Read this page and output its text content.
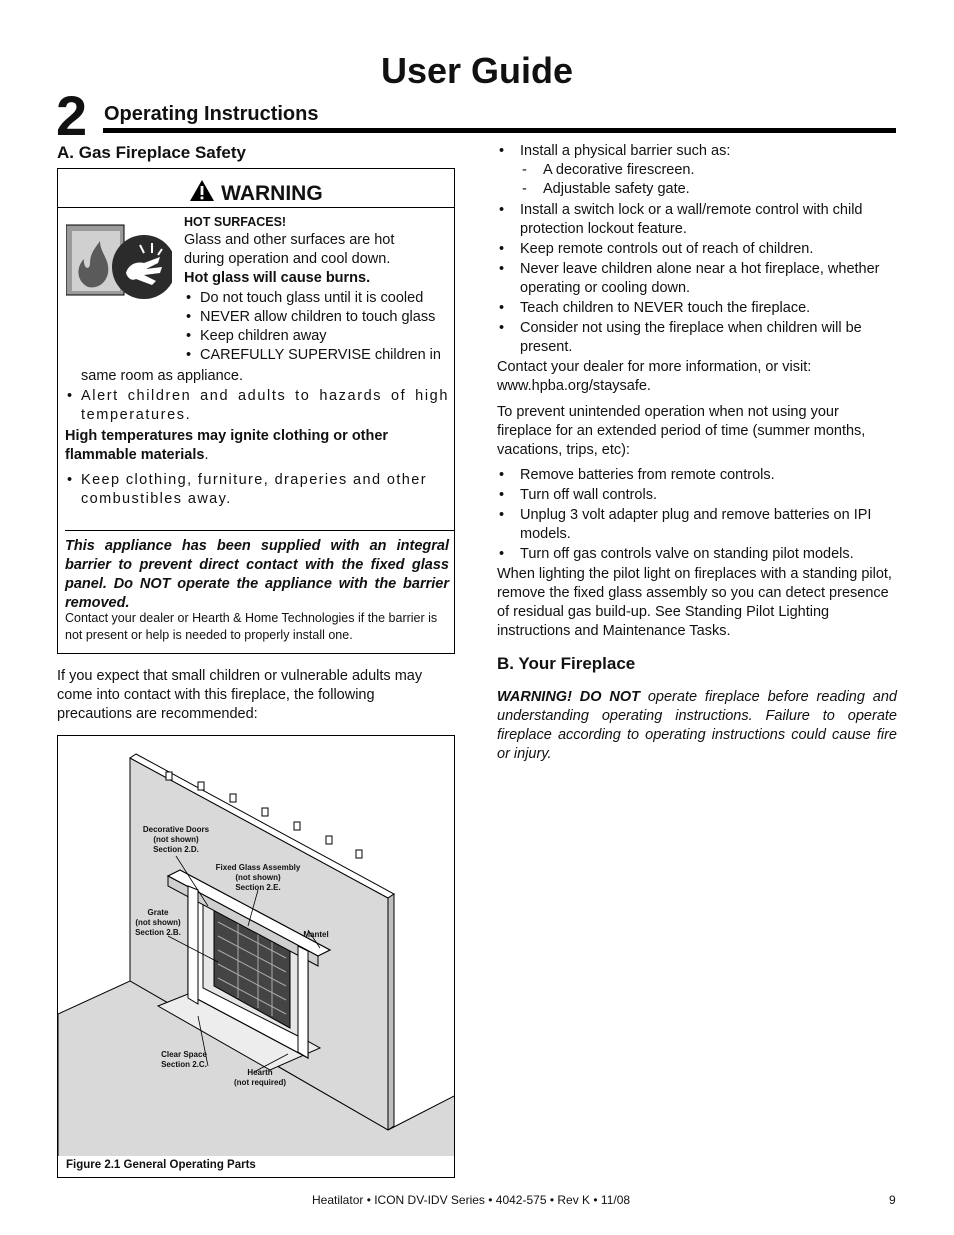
User Guide
2 Operating Instructions
A. Gas Fireplace Safety
WARNING
HOT SURFACES!
Glass and other surfaces are hot
during operation and cool down.
Hot glass will cause burns.
• Do not touch glass until it is cooled
• NEVER allow children to touch glass
• Keep children away
• CAREFULLY SUPERVISE children in
same room as appliance.
• Alert children and adults to hazards of high temperatures.
High temperatures may ignite clothing or other flammable materials.
• Keep clothing, furniture, draperies and other combustibles away.
This appliance has been supplied with an integral barrier to prevent direct contact with the fixed glass panel. Do NOT operate the appliance with the barrier removed.
Contact your dealer or Hearth & Home Technologies if the barrier is not present or help is needed to properly install one.
If you expect that small children or vulnerable adults may come into contact with this fireplace, the following precautions are recommended:
Decorative Doors
(not shown)
Section 2.D.
Fixed Glass Assembly
(not shown)
Section 2.E.
Grate
(not shown)
Section 2.B.	Mantel
Clear Space
Section 2.C.
Hearth
(not required)
Figure 2.1 General Operating Parts
• Install a physical barrier such as:
- A decorative firescreen.
- Adjustable safety gate.
• Install a switch lock or a wall/remote control with child protection lockout feature.
• Keep remote controls out of reach of children.
• Never leave children alone near a hot fireplace, whether operating or cooling down.
• Teach children to NEVER touch the fireplace.
• Consider not using the fireplace when children will be present.
Contact your dealer for more information, or visit: www.hpba.org/staysafe.
To prevent unintended operation when not using your fireplace for an extended period of time (summer months, vacations, trips, etc):
• Remove batteries from remote controls.
• Turn off wall controls.
• Unplug 3 volt adapter plug and remove batteries on IPI models.
• Turn off gas controls valve on standing pilot models.
When lighting the pilot light on fireplaces with a standing pilot, remove the fixed glass assembly so you can detect presence of residual gas build-up. See Standing Pilot Lighting instructions and Maintenance Tasks.
B. Your Fireplace
WARNING! DO NOT operate fireplace before reading and understanding operating instructions. Failure to operate fireplace according to operating instructions could cause fire or injury.
Heatilator • ICON DV-IDV Series • 4042-575 • Rev K • 11/08	9
